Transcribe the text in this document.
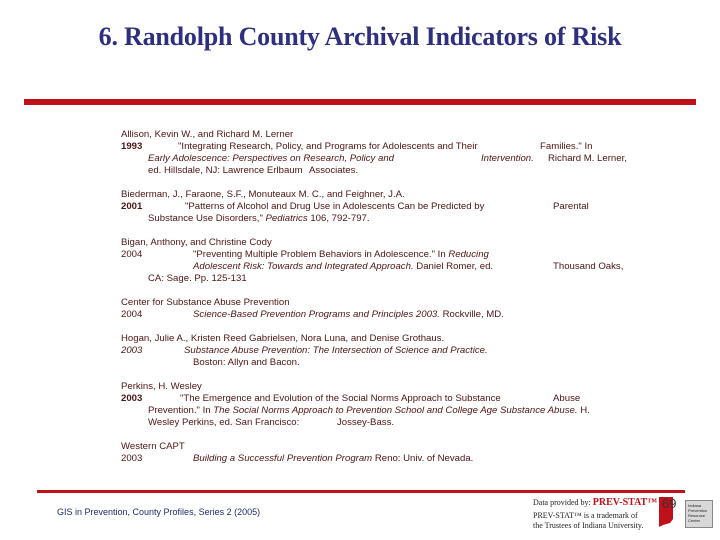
6. Randolph County Archival Indicators of Risk
Allison, Kevin W., and Richard M. Lerner
1993	"Integrating Research, Policy, and Programs for Adolescents and Their	Families." In
Early Adolescence: Perspectives on Research, Policy and	Intervention. Richard M. Lerner,
ed. Hillsdale, NJ: Lawrence Erlbaum Associates.
Biederman, J., Faraone, S.F., Monuteaux M. C., and Feighner, J.A.
2001	"Patterns of Alcohol and Drug Use in Adolescents Can be Predicted by	Parental
Substance Use Disorders," Pediatrics 106, 792-797.
Bigan, Anthony, and Christine Cody
2004	"Preventing Multiple Problem Behaviors in Adolescence." In Reducing
Adolescent Risk: Towards and Integrated Approach. Daniel Romer, ed.	Thousand Oaks,
CA: Sage. Pp. 125-131
Center for Substance Abuse Prevention
2004	Science-Based Prevention Programs and Principles 2003. Rockville, MD.
Hogan, Julie A., Kristen Reed Gabrielsen, Nora Luna, and Denise Grothaus.
2003	Substance Abuse Prevention: The Intersection of Science and Practice.
Boston: Allyn and Bacon.
Perkins, H. Wesley
2003	"The Emergence and Evolution of the Social Norms Approach to Substance	Abuse
Prevention." In The Social Norms Approach to Prevention School and College Age Substance Abuse. H.
Wesley Perkins, ed. San Francisco:	Jossey-Bass.
Western CAPT
2003	Building a Successful Prevention Program Reno: Univ. of Nevada.
GIS in Prevention, County Profiles, Series 2 (2005)
Data provided by: PREV-STAT™
PREV-STAT™ is a trademark of
the Trustees of Indiana University.
69	Indiana Prevention Resource Center
